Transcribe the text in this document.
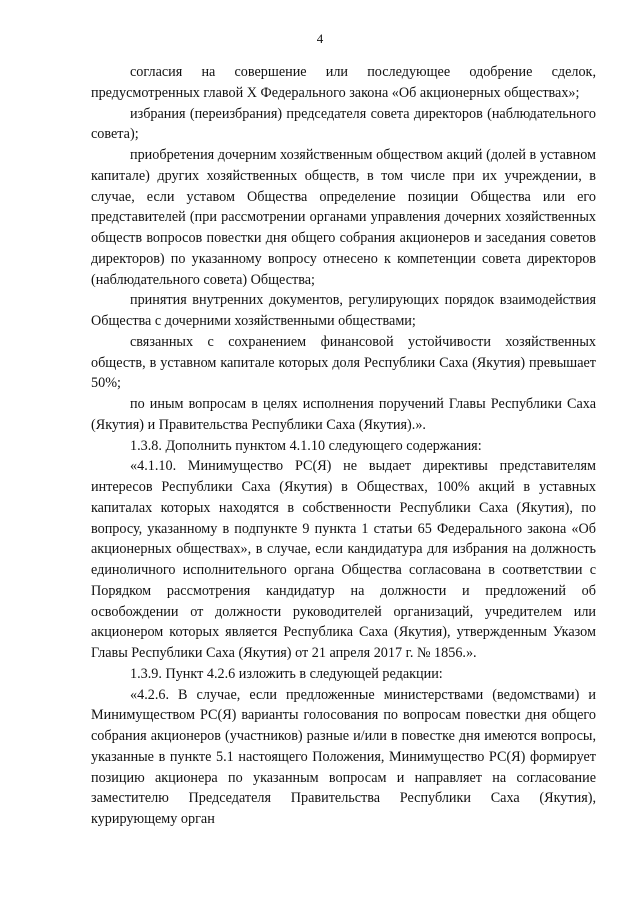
4

согласия на совершение или последующее одобрение сделок, предусмотренных главой X Федерального закона «Об акционерных обществах»;

избрания (переизбрания) председателя совета директоров (наблюдательного совета);

приобретения дочерним хозяйственным обществом акций (долей в уставном капитале) других хозяйственных обществ, в том числе при их учреждении, в случае, если уставом Общества определение позиции Общества или его представителей (при рассмотрении органами управления дочерних хозяйственных обществ вопросов повестки дня общего собрания акционеров и заседания советов директоров) по указанному вопросу отнесено к компетенции совета директоров (наблюдательного совета) Общества;

принятия внутренних документов, регулирующих порядок взаимодействия Общества с дочерними хозяйственными обществами;

связанных с сохранением финансовой устойчивости хозяйственных обществ, в уставном капитале которых доля Республики Саха (Якутия) превышает 50%;

по иным вопросам в целях исполнения поручений Главы Республики Саха (Якутия) и Правительства Республики Саха (Якутия).».

1.3.8. Дополнить пунктом 4.1.10 следующего содержания:

«4.1.10. Минимущество РС(Я) не выдает директивы представителям интересов Республики Саха (Якутия) в Обществах, 100% акций в уставных капиталах которых находятся в собственности Республики Саха (Якутия), по вопросу, указанному в подпункте 9 пункта 1 статьи 65 Федерального закона «Об акционерных обществах», в случае, если кандидатура для избрания на должность единоличного исполнительного органа Общества согласована в соответствии с Порядком рассмотрения кандидатур на должности и предложений об освобождении от должности руководителей организаций, учредителем или акционером которых является Республика Саха (Якутия), утвержденным Указом Главы Республики Саха (Якутия) от 21 апреля 2017 г. № 1856.».

1.3.9. Пункт 4.2.6 изложить в следующей редакции:

«4.2.6. В случае, если предложенные министерствами (ведомствами) и Минимуществом РС(Я) варианты голосования по вопросам повестки дня общего собрания акционеров (участников) разные и/или в повестке дня имеются вопросы, указанные в пункте 5.1 настоящего Положения, Минимущество РС(Я) формирует позицию акционера по указанным вопросам и направляет на согласование заместителю Председателя Правительства Республики Саха (Якутия), курирующему орган
